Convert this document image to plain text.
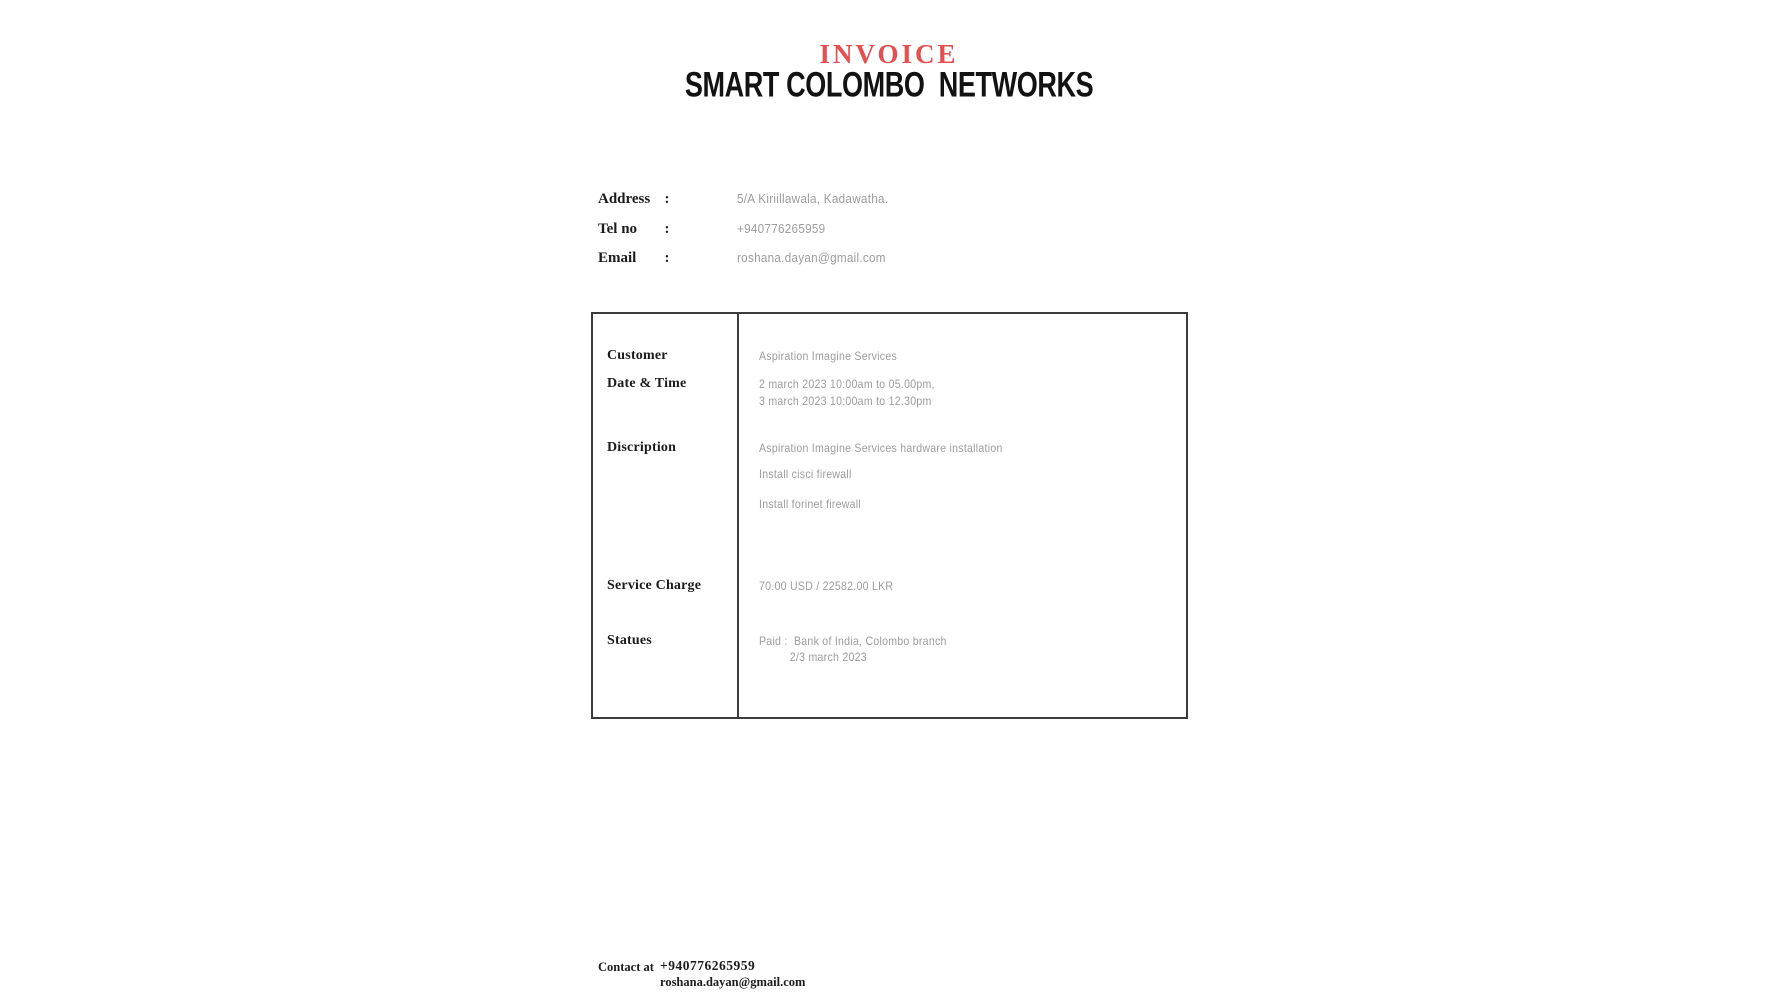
INVOICE
SMART COLOMBO  NETWORKS
Address :	5/A Kiriillawala, Kadawatha.
Tel no :	+940776265959
Email :	roshana.dayan@gmail.com
Customer	Aspiration Imagine Services
Date & Time	2 march 2023 10:00am to 05.00pm,
3 march 2023 10:00am to 12.30pm
Discription	Aspiration Imagine Services hardware installation
Install cisci firewall
Install forinet firewall
Service Charge	70.00 USD / 22582.00 LKR
Statues	Paid :  Bank of India, Colombo branch
2/3 march 2023
Contact at +940776265959
roshana.dayan@gmail.com
